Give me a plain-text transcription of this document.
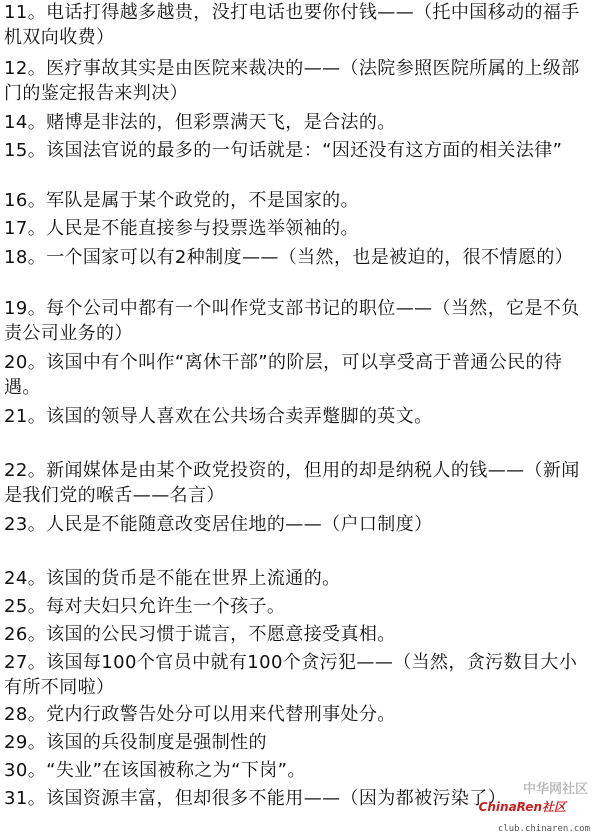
11。电话打得越多越贵，没打电话也要你付钱——（托中国移动的福手机双向收费）

12。医疗事故其实是由医院来裁决的——（法院参照医院所属的上级部门的鉴定报告来判决）

14。赌博是非法的，但彩票满天飞，是合法的。

15。该国法官说的最多的一句话就是：“因还没有这方面的相关法律”

16。军队是属于某个政党的，不是国家的。

17。人民是不能直接参与投票选举领袖的。

18。一个国家可以有2种制度——（当然，也是被迫的，很不情愿的）

19。每个公司中都有一个叫作党支部书记的职位——（当然，它是不负责公司业务的）

20。该国中有个叫作“离休干部”的阶层，可以享受高于普通公民的待遇。

21。该国的领导人喜欢在公共场合卖弄蹩脚的英文。

22。新闻媒体是由某个政党投资的，但用的却是纳税人的钱——（新闻是我们党的喉舌——名言）

23。人民是不能随意改变居住地的——（户口制度）

24。该国的货币是不能在世界上流通的。

25。每对夫妇只允许生一个孩子。

26。该国的公民习惯于谎言，不愿意接受真相。

27。该国每100个官员中就有100个贪污犯——（当然，贪污数目大小有所不同啦）

28。党内行政警告处分可以用来代替刑事处分。

29。该国的兵役制度是强制性的

30。“失业”在该国被称之为“下岗”。

31。该国资源丰富，但却很多不能用——（因为都被污染了）	中华网社区
ChinaRen社区
club.chinaren.com
